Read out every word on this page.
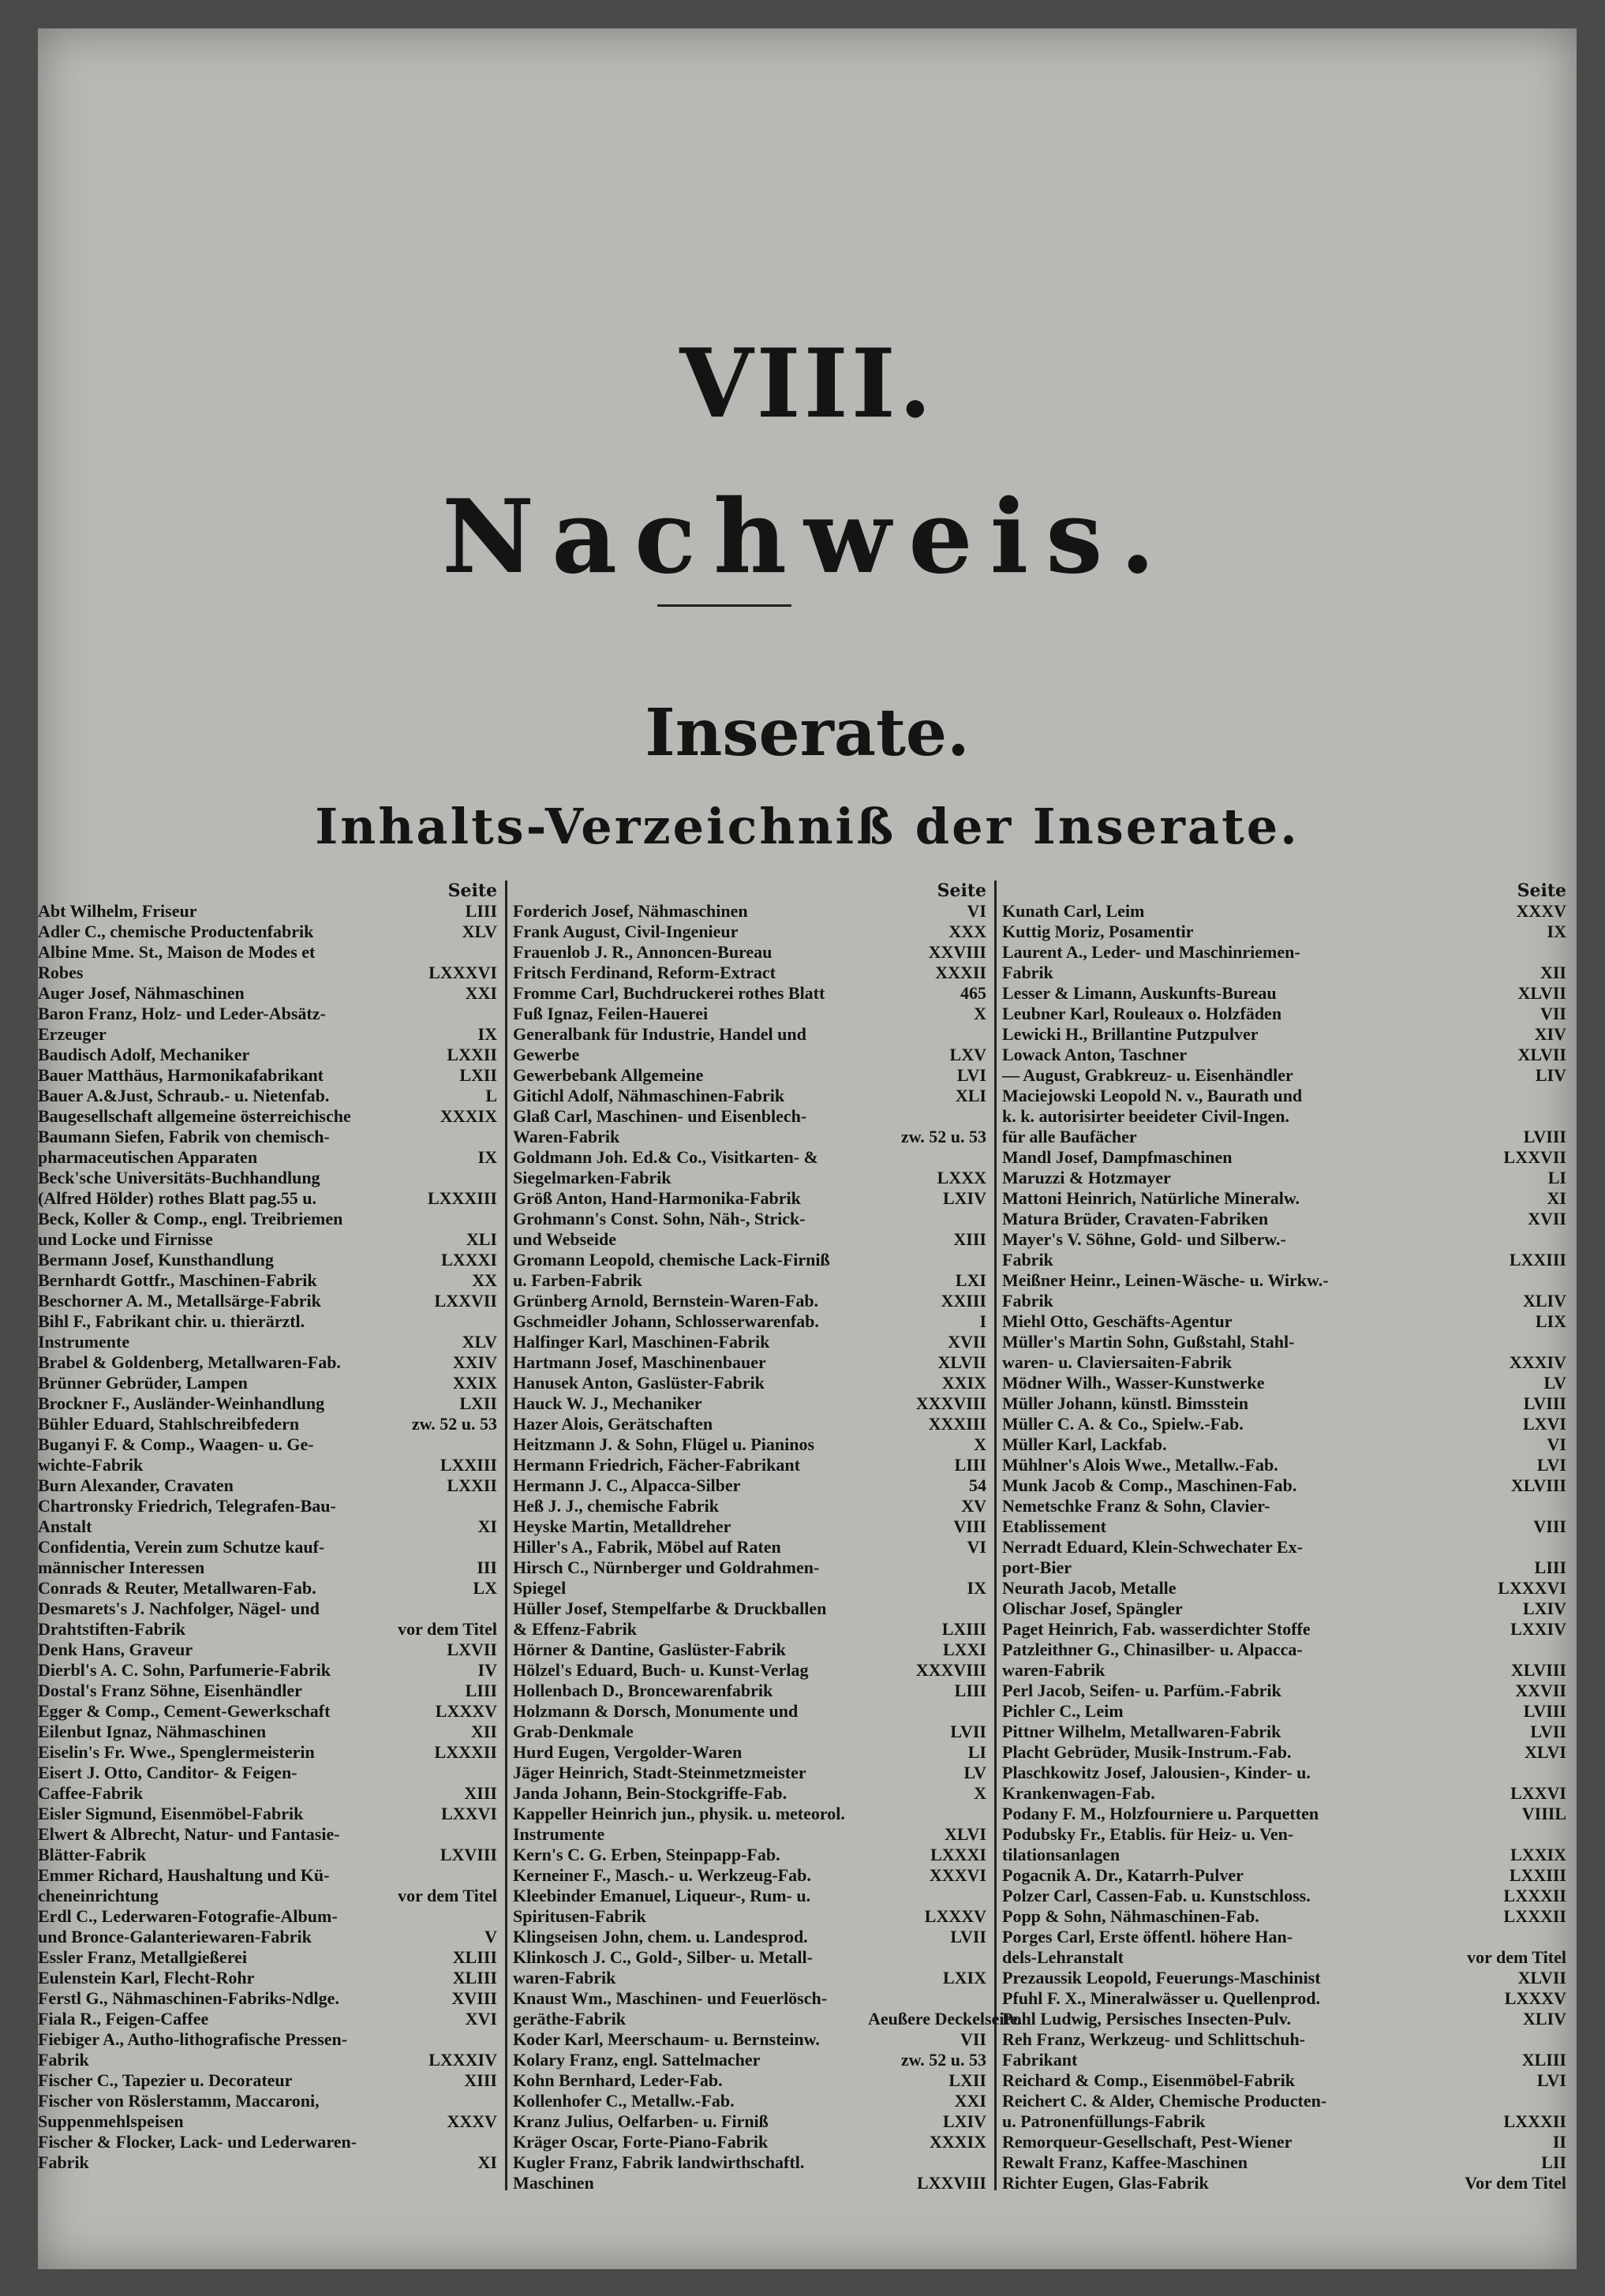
VIII.
Nachweis.
Inserate.
Inhalts-Verzeichniß der Inserate.
Seite
Abt Wilhelm, Friseur	LIII
Adler C., chemische Productenfabrik	XLV
Albine Mme. St., Maison de Modes et
Robes	LXXXVI
Auger Josef, Nähmaschinen	XXI
Baron Franz, Holz- und Leder-Absätz-
Erzeuger	IX
Baudisch Adolf, Mechaniker	LXXII
Bauer Matthäus, Harmonikafabrikant	LXII
Bauer A.&Just, Schraub.- u. Nietenfab.	L
Baugesellschaft allgemeine österreichische	XXXIX
Baumann Siefen, Fabrik von chemisch-
pharmaceutischen Apparaten	IX
Beck'sche Universitäts-Buchhandlung
(Alfred Hölder) rothes Blatt pag.55 u.	LXXXIII
Beck, Koller & Comp., engl. Treibriemen
und Locke und Firnisse	XLI
Bermann Josef, Kunsthandlung	LXXXI
Bernhardt Gottfr., Maschinen-Fabrik	XX
Beschorner A. M., Metallsärge-Fabrik	LXXVII
Bihl F., Fabrikant chir. u. thierärztl.
Instrumente	XLV
Brabel & Goldenberg, Metallwaren-Fab.	XXIV
Brünner Gebrüder, Lampen	XXIX
Brockner F., Ausländer-Weinhandlung	LXII
Bühler Eduard, Stahlschreibfedern	zw. 52 u. 53
Buganyi F. & Comp., Waagen- u. Ge-
wichte-Fabrik	LXXIII
Burn Alexander, Cravaten	LXXII
Chartronsky Friedrich, Telegrafen-Bau-
Anstalt	XI
Confidentia, Verein zum Schutze kauf-
männischer Interessen	III
Conrads & Reuter, Metallwaren-Fab.	LX
Desmarets's J. Nachfolger, Nägel- und
Drahtstiften-Fabrik	vor dem Titel
Denk Hans, Graveur	LXVII
Dierbl's A. C. Sohn, Parfumerie-Fabrik	IV
Dostal's Franz Söhne, Eisenhändler	LIII
Egger & Comp., Cement-Gewerkschaft	LXXXV
Eilenbut Ignaz, Nähmaschinen	XII
Eiselin's Fr. Wwe., Spenglermeisterin	LXXXII
Eisert J. Otto, Canditor- & Feigen-
Caffee-Fabrik	XIII
Eisler Sigmund, Eisenmöbel-Fabrik	LXXVI
Elwert & Albrecht, Natur- und Fantasie-
Blätter-Fabrik	LXVIII
Emmer Richard, Haushaltung und Kü-
cheneinrichtung	vor dem Titel
Erdl C., Lederwaren-Fotografie-Album-
und Bronce-Galanteriewaren-Fabrik	V
Essler Franz, Metallgießerei	XLIII
Eulenstein Karl, Flecht-Rohr	XLIII
Ferstl G., Nähmaschinen-Fabriks-Ndlge.	XVIII
Fiala R., Feigen-Caffee	XVI
Fiebiger A., Autho-lithografische Pressen-
Fabrik	LXXXIV
Fischer C., Tapezier u. Decorateur	XIII
Fischer von Röslerstamm, Maccaroni,
Suppenmehlspeisen	XXXV
Fischer & Flocker, Lack- und Lederwaren-
Fabrik	XI
Seite
Forderich Josef, Nähmaschinen	VI
Frank August, Civil-Ingenieur	XXX
Frauenlob J. R., Annoncen-Bureau	XXVIII
Fritsch Ferdinand, Reform-Extract	XXXII
Fromme Carl, Buchdruckerei rothes Blatt	465
Fuß Ignaz, Feilen-Hauerei	X
Generalbank für Industrie, Handel und
Gewerbe	LXV
Gewerbebank Allgemeine	LVI
Gitichl Adolf, Nähmaschinen-Fabrik	XLI
Glaß Carl, Maschinen- und Eisenblech-
Waren-Fabrik	zw. 52 u. 53
Goldmann Joh. Ed.& Co., Visitkarten- &
Siegelmarken-Fabrik	LXXX
Größ Anton, Hand-Harmonika-Fabrik	LXIV
Grohmann's Const. Sohn, Näh-, Strick-
und Webseide	XIII
Gromann Leopold, chemische Lack-Firniß
u. Farben-Fabrik	LXI
Grünberg Arnold, Bernstein-Waren-Fab.	XXIII
Gschmeidler Johann, Schlosserwarenfab.	I
Halfinger Karl, Maschinen-Fabrik	XVII
Hartmann Josef, Maschinenbauer	XLVII
Hanusek Anton, Gaslüster-Fabrik	XXIX
Hauck W. J., Mechaniker	XXXVIII
Hazer Alois, Gerätschaften	XXXIII
Heitzmann J. & Sohn, Flügel u. Pianinos	X
Hermann Friedrich, Fächer-Fabrikant	LIII
Hermann J. C., Alpacca-Silber	54
Heß J. J., chemische Fabrik	XV
Heyske Martin, Metalldreher	VIII
Hiller's A., Fabrik, Möbel auf Raten	VI
Hirsch C., Nürnberger und Goldrahmen-
Spiegel	IX
Hüller Josef, Stempelfarbe & Druckballen
& Effenz-Fabrik	LXIII
Hörner & Dantine, Gaslüster-Fabrik	LXXI
Hölzel's Eduard, Buch- u. Kunst-Verlag	XXXVIII
Hollenbach D., Broncewarenfabrik	LIII
Holzmann & Dorsch, Monumente und
Grab-Denkmale	LVII
Hurd Eugen, Vergolder-Waren	LI
Jäger Heinrich, Stadt-Steinmetzmeister	LV
Janda Johann, Bein-Stockgriffe-Fab.	X
Kappeller Heinrich jun., physik. u. meteorol.
Instrumente	XLVI
Kern's C. G. Erben, Steinpapp-Fab.	LXXXI
Kerneiner F., Masch.- u. Werkzeug-Fab.	XXXVI
Kleebinder Emanuel, Liqueur-, Rum- u.
Spiritusen-Fabrik	LXXXV
Klingseisen John, chem. u. Landesprod.	LVII
Klinkosch J. C., Gold-, Silber- u. Metall-
waren-Fabrik	LXIX
Knaust Wm., Maschinen- und Feuerlösch-
geräthe-Fabrik	Aeußere Deckelseite.
Koder Karl, Meerschaum- u. Bernsteinw.	VII
Kolary Franz, engl. Sattelmacher	zw. 52 u. 53
Kohn Bernhard, Leder-Fab.	LXII
Kollenhofer C., Metallw.-Fab.	XXI
Kranz Julius, Oelfarben- u. Firniß	LXIV
Kräger Oscar, Forte-Piano-Fabrik	XXXIX
Kugler Franz, Fabrik landwirthschaftl.
Maschinen	LXXVIII
Seite
Kunath Carl, Leim	XXXV
Kuttig Moriz, Posamentir	IX
Laurent A., Leder- und Maschinriemen-
Fabrik	XII
Lesser & Limann, Auskunfts-Bureau	XLVII
Leubner Karl, Rouleaux o. Holzfäden	VII
Lewicki H., Brillantine Putzpulver	XIV
Lowack Anton, Taschner	XLVII
— August, Grabkreuz- u. Eisenhändler	LIV
Maciejowski Leopold N. v., Baurath und
k. k. autorisirter beeideter Civil-Ingen.
für alle Baufächer	LVIII
Mandl Josef, Dampfmaschinen	LXXVII
Maruzzi & Hotzmayer	LI
Mattoni Heinrich, Natürliche Mineralw.	XI
Matura Brüder, Cravaten-Fabriken	XVII
Mayer's V. Söhne, Gold- und Silberw.-
Fabrik	LXXIII
Meißner Heinr., Leinen-Wäsche- u. Wirkw.-
Fabrik	XLIV
Miehl Otto, Geschäfts-Agentur	LIX
Müller's Martin Sohn, Gußstahl, Stahl-
waren- u. Claviersaiten-Fabrik	XXXIV
Mödner Wilh., Wasser-Kunstwerke	LV
Müller Johann, künstl. Bimsstein	LVIII
Müller C. A. & Co., Spielw.-Fab.	LXVI
Müller Karl, Lackfab.	VI
Mühlner's Alois Wwe., Metallw.-Fab.	LVI
Munk Jacob & Comp., Maschinen-Fab.	XLVIII
Nemetschke Franz & Sohn, Clavier-
Etablissement	VIII
Nerradt Eduard, Klein-Schwechater Ex-
port-Bier	LIII
Neurath Jacob, Metalle	LXXXVI
Olischar Josef, Spängler	LXIV
Paget Heinrich, Fab. wasserdichter Stoffe	LXXIV
Patzleithner G., Chinasilber- u. Alpacca-
waren-Fabrik	XLVIII
Perl Jacob, Seifen- u. Parfüm.-Fabrik	XXVII
Pichler C., Leim	LVIII
Pittner Wilhelm, Metallwaren-Fabrik	LVII
Placht Gebrüder, Musik-Instrum.-Fab.	XLVI
Plaschkowitz Josef, Jalousien-, Kinder- u.
Krankenwagen-Fab.	LXXVI
Podany F. M., Holzfourniere u. Parquetten	VIIIL
Podubsky Fr., Etablis. für Heiz- u. Ven-
tilationsanlagen	LXXIX
Pogacnik A. Dr., Katarrh-Pulver	LXXIII
Polzer Carl, Cassen-Fab. u. Kunstschloss.	LXXXII
Popp & Sohn, Nähmaschinen-Fab.	LXXXII
Porges Carl, Erste öffentl. höhere Han-
dels-Lehranstalt	vor dem Titel
Prezaussik Leopold, Feuerungs-Maschinist	XLVII
Pfuhl F. X., Mineralwässer u. Quellenprod.	LXXXV
Pohl Ludwig, Persisches Insecten-Pulv.	XLIV
Reh Franz, Werkzeug- und Schlittschuh-
Fabrikant	XLIII
Reichard & Comp., Eisenmöbel-Fabrik	LVI
Reichert C. & Alder, Chemische Producten-
u. Patronenfüllungs-Fabrik	LXXXII
Remorqueur-Gesellschaft, Pest-Wiener	II
Rewalt Franz, Kaffee-Maschinen	LII
Richter Eugen, Glas-Fabrik	Vor dem Titel
